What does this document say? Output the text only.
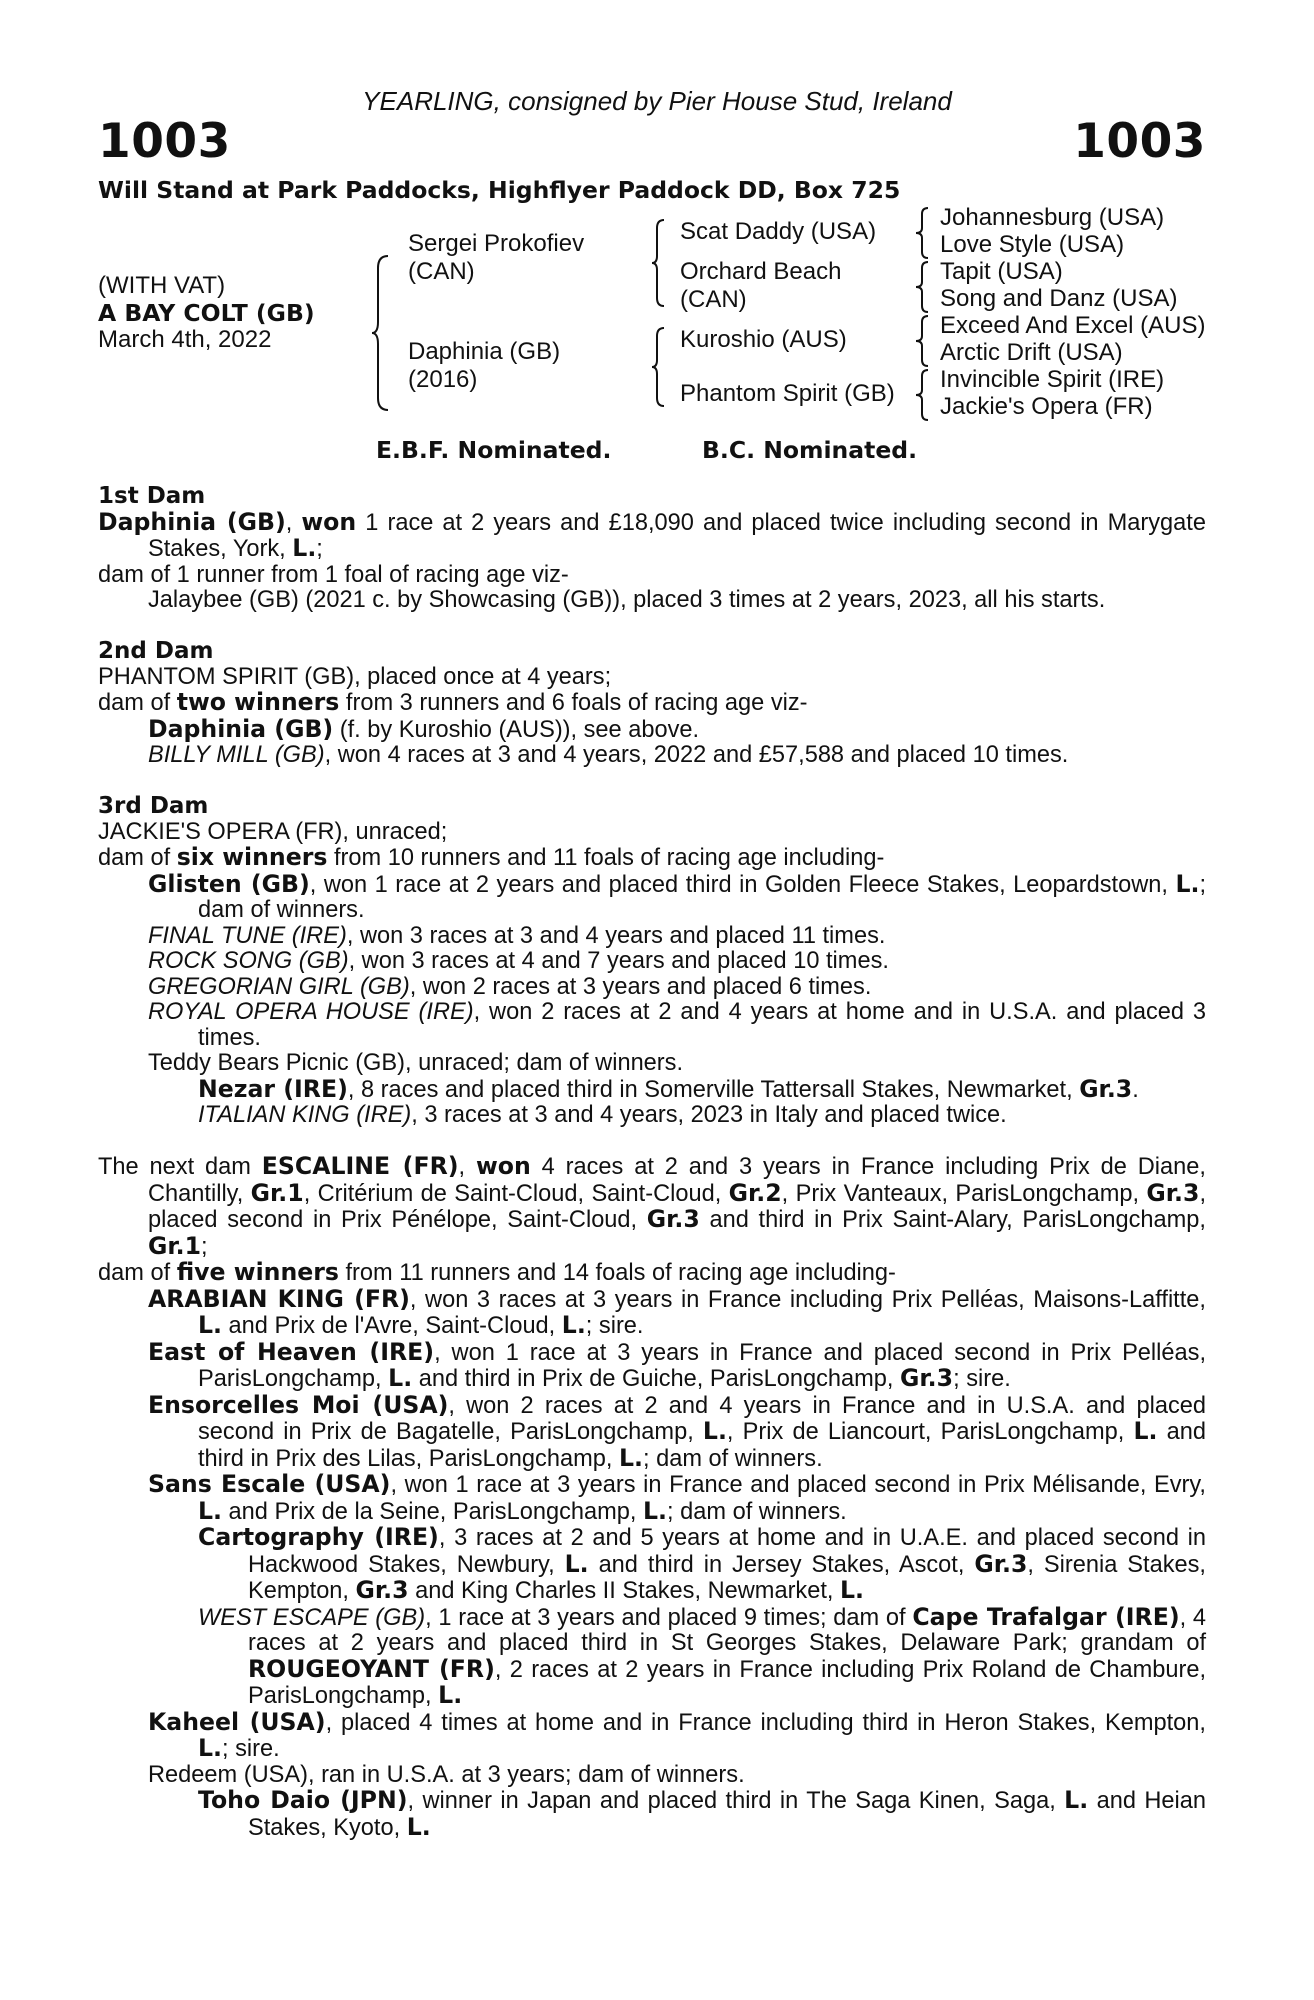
YEARLING, consigned by Pier House Stud, Ireland
1003	1003
Will Stand at Park Paddocks, Highflyer Paddock DD, Box 725
(WITH VAT)
A BAY COLT (GB)
March 4th, 2022
Sergei Prokofiev
(CAN)
Daphinia (GB)
(2016)
Scat Daddy (USA)
Orchard Beach
(CAN)
Kuroshio (AUS)
Phantom Spirit (GB)
Johannesburg (USA)
Love Style (USA)
Tapit (USA)
Song and Danz (USA)
Exceed And Excel (AUS)
Arctic Drift (USA)
Invincible Spirit (IRE)
Jackie's Opera (FR)
E.B.F. Nominated.	B.C. Nominated.

1st Dam

Daphinia (GB), won 1 race at 2 years and £18,090 and placed twice including second in Marygate Stakes, York, L.;

dam of 1 runner from 1 foal of racing age viz-

Jalaybee (GB) (2021 c. by Showcasing (GB)), placed 3 times at 2 years, 2023, all his starts.

2nd Dam

PHANTOM SPIRIT (GB), placed once at 4 years;

dam of two winners from 3 runners and 6 foals of racing age viz-

Daphinia (GB) (f. by Kuroshio (AUS)), see above.

BILLY MILL (GB), won 4 races at 3 and 4 years, 2022 and £57,588 and placed 10 times.

3rd Dam

JACKIE'S OPERA (FR), unraced;

dam of six winners from 10 runners and 11 foals of racing age including-

Glisten (GB), won 1 race at 2 years and placed third in Golden Fleece Stakes, Leopardstown, L.; dam of winners.

FINAL TUNE (IRE), won 3 races at 3 and 4 years and placed 11 times.

ROCK SONG (GB), won 3 races at 4 and 7 years and placed 10 times.

GREGORIAN GIRL (GB), won 2 races at 3 years and placed 6 times.

ROYAL OPERA HOUSE (IRE), won 2 races at 2 and 4 years at home and in U.S.A. and placed 3 times.

Teddy Bears Picnic (GB), unraced; dam of winners.

Nezar (IRE), 8 races and placed third in Somerville Tattersall Stakes, Newmarket, Gr.3.

ITALIAN KING (IRE), 3 races at 3 and 4 years, 2023 in Italy and placed twice.

The next dam ESCALINE (FR), won 4 races at 2 and 3 years in France including Prix de Diane, Chantilly, Gr.1, Critérium de Saint-Cloud, Saint-Cloud, Gr.2, Prix Vanteaux, ParisLongchamp, Gr.3, placed second in Prix Pénélope, Saint-Cloud, Gr.3 and third in Prix Saint-Alary, ParisLongchamp, Gr.1;

dam of five winners from 11 runners and 14 foals of racing age including-

ARABIAN KING (FR), won 3 races at 3 years in France including Prix Pelléas, Maisons-Laffitte, L. and Prix de l'Avre, Saint-Cloud, L.; sire.

East of Heaven (IRE), won 1 race at 3 years in France and placed second in Prix Pelléas, ParisLongchamp, L. and third in Prix de Guiche, ParisLongchamp, Gr.3; sire.

Ensorcelles Moi (USA), won 2 races at 2 and 4 years in France and in U.S.A. and placed second in Prix de Bagatelle, ParisLongchamp, L., Prix de Liancourt, ParisLongchamp, L. and third in Prix des Lilas, ParisLongchamp, L.; dam of winners.

Sans Escale (USA), won 1 race at 3 years in France and placed second in Prix Mélisande, Evry, L. and Prix de la Seine, ParisLongchamp, L.; dam of winners.

Cartography (IRE), 3 races at 2 and 5 years at home and in U.A.E. and placed second in Hackwood Stakes, Newbury, L. and third in Jersey Stakes, Ascot, Gr.3, Sirenia Stakes, Kempton, Gr.3 and King Charles II Stakes, Newmarket, L.

WEST ESCAPE (GB), 1 race at 3 years and placed 9 times; dam of Cape Trafalgar (IRE), 4 races at 2 years and placed third in St Georges Stakes, Delaware Park; grandam of ROUGEOYANT (FR), 2 races at 2 years in France including Prix Roland de Chambure, ParisLongchamp, L.

Kaheel (USA), placed 4 times at home and in France including third in Heron Stakes, Kempton, L.; sire.

Redeem (USA), ran in U.S.A. at 3 years; dam of winners.

Toho Daio (JPN), winner in Japan and placed third in The Saga Kinen, Saga, L. and Heian Stakes, Kyoto, L.
